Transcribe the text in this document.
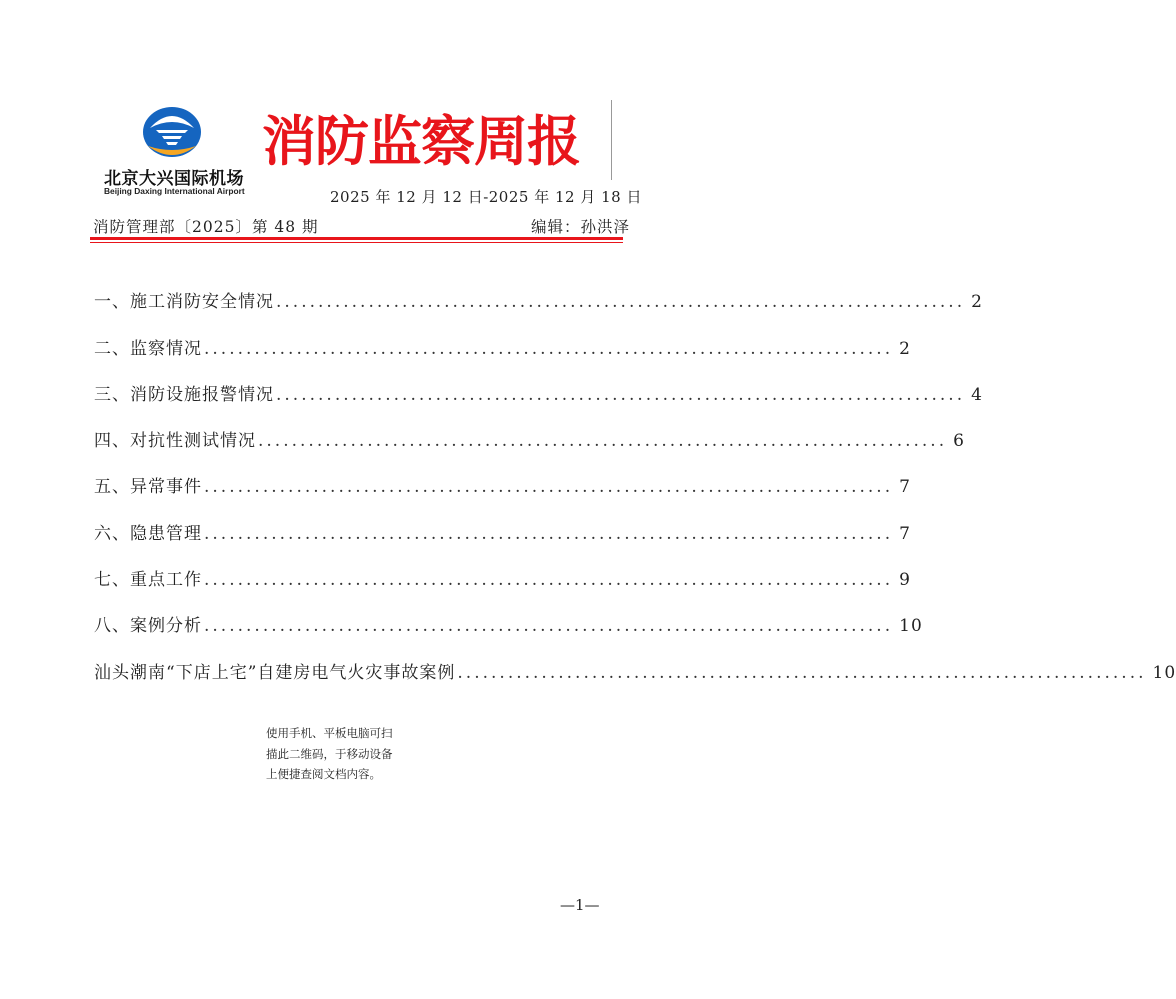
北京大兴国际机场
Beijing Daxing International Airport
消防监察周报
2025 年 12 月 12 日-2025 年 12 月 18 日
消防管理部〔2025〕第 48 期	编辑：孙洪泽
一、施工消防安全情况 .................................................................................. 2
二、监察情况 .................................................................................. 2
三、消防设施报警情况 .................................................................................. 4
四、对抗性测试情况 .................................................................................. 6
五、异常事件 .................................................................................. 7
六、隐患管理 .................................................................................. 7
七、重点工作 .................................................................................. 9
八、案例分析 .................................................................................. 10
汕头潮南“下店上宅”自建房电气火灾事故案例 .................................................................................. 10
使用手机、平板电脑可扫
描此二维码，于移动设备
上便捷查阅文档内容。
—1—
